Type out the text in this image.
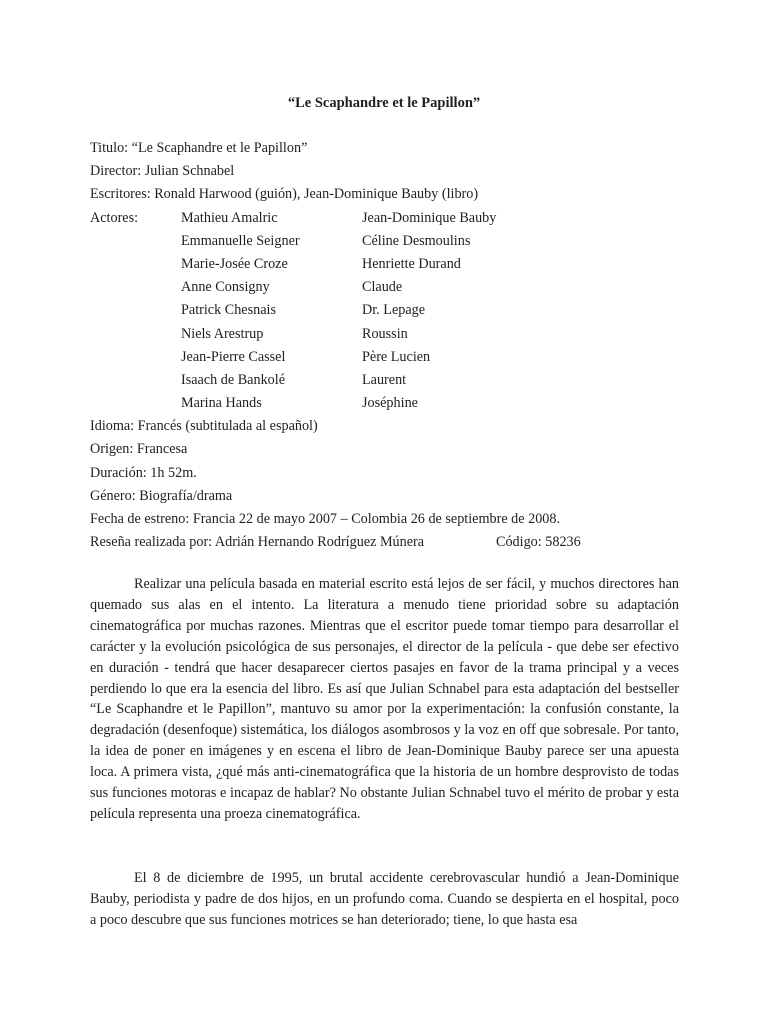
“Le Scaphandre et le Papillon”
Titulo: “Le Scaphandre et le Papillon”
Director: Julian Schnabel
Escritores: Ronald Harwood (guión), Jean-Dominique Bauby (libro)
Actores:	Mathieu Amalric	Jean-Dominique Bauby
Emmanuelle Seigner	Céline Desmoulins
Marie-Josée Croze	Henriette Durand
Anne Consigny	Claude
Patrick Chesnais	Dr. Lepage
Niels Arestrup	Roussin
Jean-Pierre Cassel	Père Lucien
Isaach de Bankolé	Laurent
Marina Hands	Joséphine
Idioma: Francés (subtitulada al español)
Origen: Francesa
Duración: 1h 52m.
Género: Biografía/drama
Fecha de estreno: Francia 22 de mayo 2007 – Colombia 26 de septiembre de 2008.
Reseña realizada por: Adrián Hernando Rodríguez Múnera	Código: 58236

Realizar una película basada en material escrito está lejos de ser fácil, y muchos directores han quemado sus alas en el intento. La literatura a menudo tiene prioridad sobre su adaptación cinematográfica por muchas razones. Mientras que el escritor puede tomar tiempo para desarrollar el carácter y la evolución psicológica de sus personajes, el director de la película - que debe ser efectivo en duración - tendrá que hacer desaparecer ciertos pasajes en favor de la trama principal y a veces perdiendo lo que era la esencia del libro. Es así que Julian Schnabel para esta adaptación del bestseller “Le Scaphandre et le Papillon”, mantuvo su amor por la experimentación: la confusión constante, la degradación (desenfoque) sistemática, los diálogos asombrosos y la voz en off que sobresale. Por tanto, la idea de poner en imágenes y en escena el libro de Jean-Dominique Bauby parece ser una apuesta loca. A primera vista, ¿qué más anti-cinematográfica que la historia de un hombre desprovisto de todas sus funciones motoras e incapaz de hablar? No obstante Julian Schnabel tuvo el mérito de probar y esta película representa una proeza cinematográfica.

El 8 de diciembre de 1995, un brutal accidente cerebrovascular hundió a Jean-Dominique Bauby, periodista y padre de dos hijos, en un profundo coma. Cuando se despierta en el hospital, poco a poco descubre que sus funciones motrices se han deteriorado; tiene, lo que hasta esa
